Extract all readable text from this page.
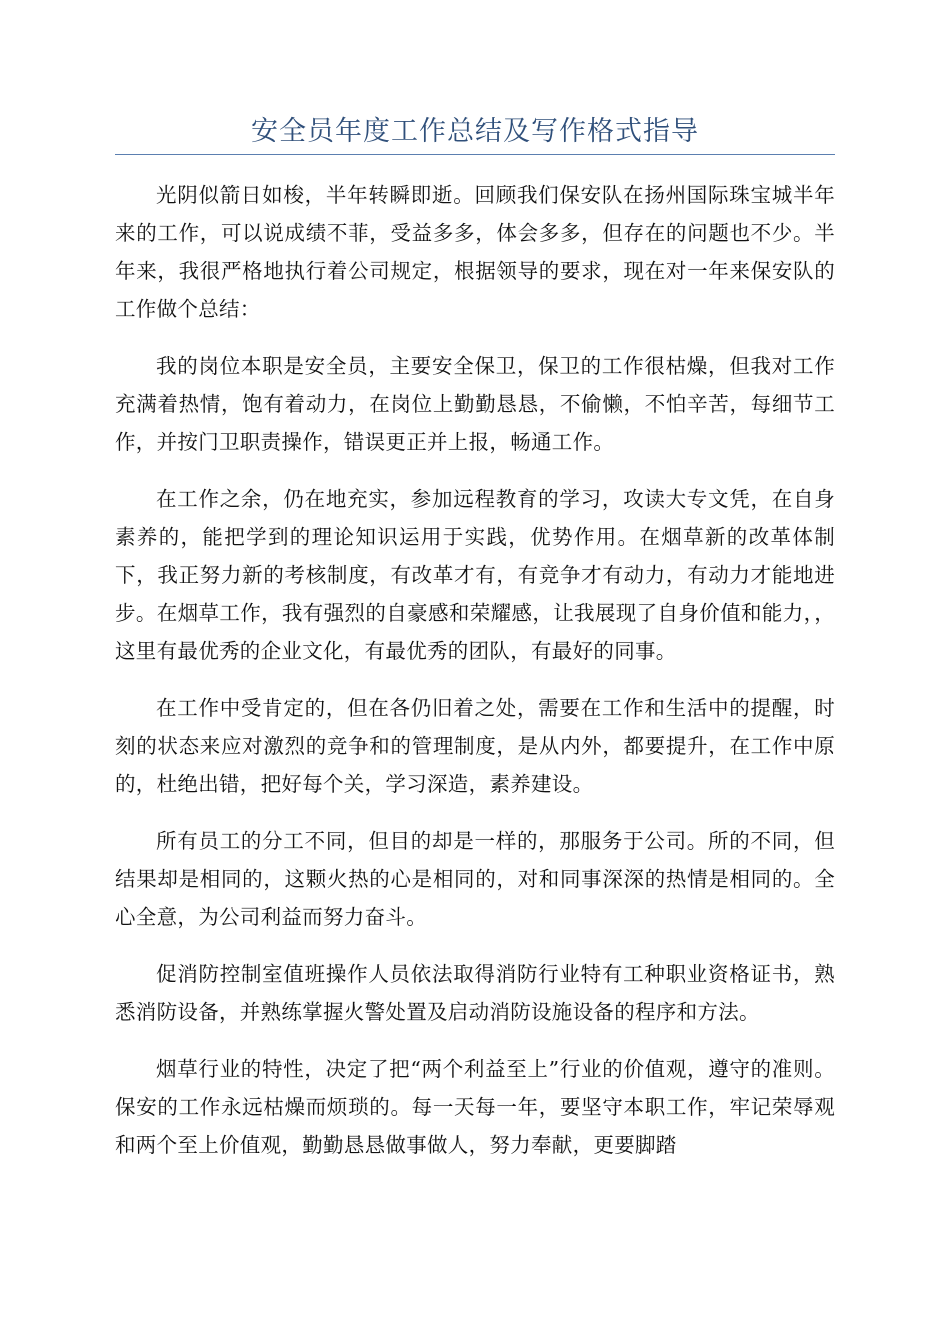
安全员年度工作总结及写作格式指导

光阴似箭日如梭，半年转瞬即逝。回顾我们保安队在扬州国际珠宝城半年来的工作，可以说成绩不菲，受益多多，体会多多，但存在的问题也不少。半年来，我很严格地执行着公司规定，根据领导的要求，现在对一年来保安队的工作做个总结：

我的岗位本职是安全员，主要安全保卫，保卫的工作很枯燥，但我对工作充满着热情，饱有着动力，在岗位上勤勤恳恳，不偷懒，不怕辛苦，每细节工作，并按门卫职责操作，错误更正并上报，畅通工作。

在工作之余，仍在地充实，参加远程教育的学习，攻读大专文凭，在自身素养的，能把学到的理论知识运用于实践，优势作用。在烟草新的改革体制下，我正努力新的考核制度，有改革才有，有竞争才有动力，有动力才能地进步。在烟草工作，我有强烈的自豪感和荣耀感，让我展现了自身价值和能力，，这里有最优秀的企业文化，有最优秀的团队，有最好的同事。

在工作中受肯定的，但在各仍旧着之处，需要在工作和生活中的提醒，时刻的状态来应对激烈的竞争和的管理制度，是从内外，都要提升，在工作中原的，杜绝出错，把好每个关，学习深造，素养建设。

所有员工的分工不同，但目的却是一样的，那服务于公司。所的不同，但结果却是相同的，这颗火热的心是相同的，对和同事深深的热情是相同的。全心全意，为公司利益而努力奋斗。

促消防控制室值班操作人员依法取得消防行业特有工种职业资格证书，熟悉消防设备，并熟练掌握火警处置及启动消防设施设备的程序和方法。

烟草行业的特性，决定了把“两个利益至上”行业的价值观，遵守的准则。保安的工作永远枯燥而烦琐的。每一天每一年，要坚守本职工作，牢记荣辱观和两个至上价值观，勤勤恳恳做事做人，努力奉献，更要脚踏
